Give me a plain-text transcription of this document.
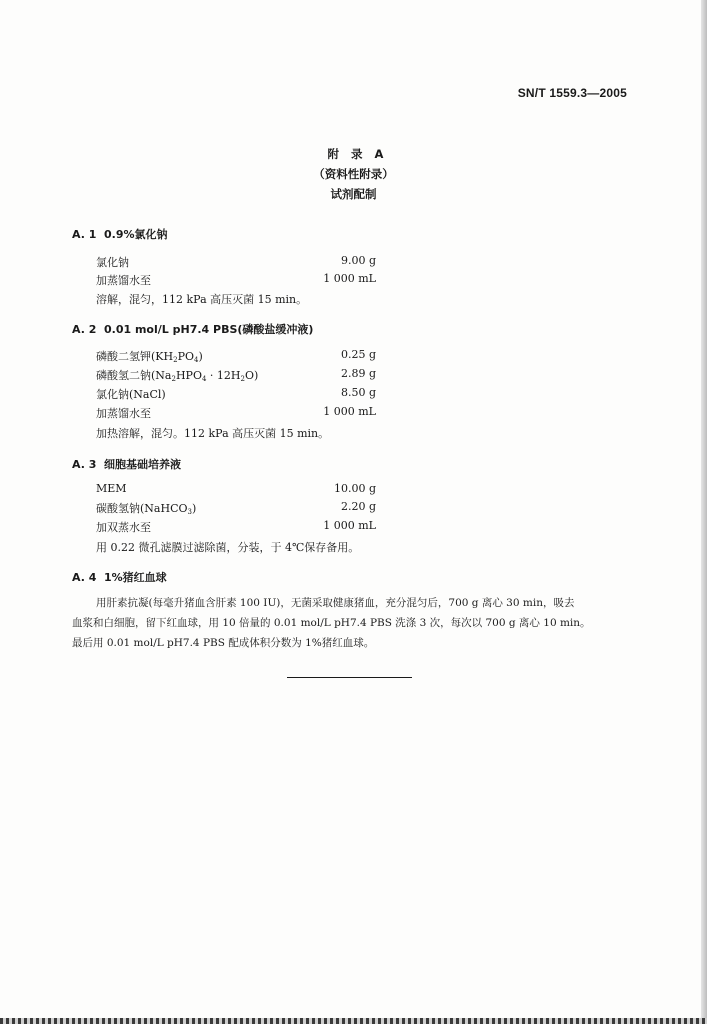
SN/T 1559.3—2005
附 录 A
（资料性附录）
试剂配制
A. 1 0.9%氯化钠
氯化钠	9.00 g
加蒸馏水至	1 000 mL
溶解，混匀，112 kPa 高压灭菌 15 min。
A. 2 0.01 mol/L pH7.4 PBS(磷酸盐缓冲液)
磷酸二氢钾$(KH_2PO_4)$	0.25 g
磷酸氢二钠$(Na_2HPO_4 \cdot 12H_2O)$	2.89 g
氯化钠(NaCl)	8.50 g
加蒸馏水至	1 000 mL
加热溶解，混匀。112 kPa 高压灭菌 15 min。
A. 3 细胞基础培养液
MEM	10.00 g
碳酸氢钠(NaHCO$_3$)	2.20 g
加双蒸水至	1 000 mL
用 0.22 微孔滤膜过滤除菌，分装，于 4℃保存备用。
A. 4 1%猪红血球
用肝素抗凝(每毫升猪血含肝素 100 IU)，无菌采取健康猪血，充分混匀后，700 g 离心 30 min，吸去
血浆和白细胞，留下红血球，用 10 倍量的 0.01 mol/L pH7.4 PBS 洗涤 3 次，每次以 700 g 离心 10 min。
最后用 0.01 mol/L pH7.4 PBS 配成体积分数为 1%猪红血球。
